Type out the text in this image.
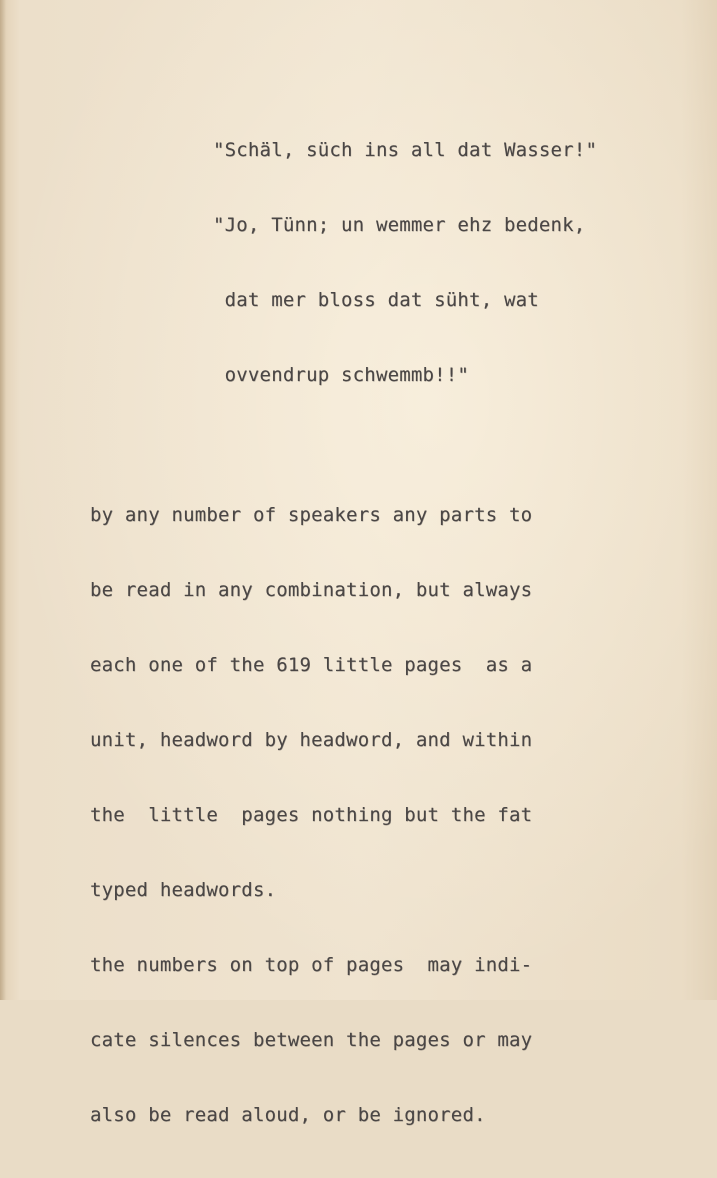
"Schäl, süch ins all dat Wasser!"

"Jo, Tünn; un wemmer ehz bedenk,

dat mer bloss dat süht, wat

ovvendrup schwemmb!!"

by any number of speakers any parts to

be read in any combination, but always

each one of the 619 little pages  as a

unit, headword by headword, and within

the  little  pages nothing but the fat

typed headwords.

the numbers on top of pages  may indi-

cate silences between the pages or may

also be read aloud, or be ignored.
